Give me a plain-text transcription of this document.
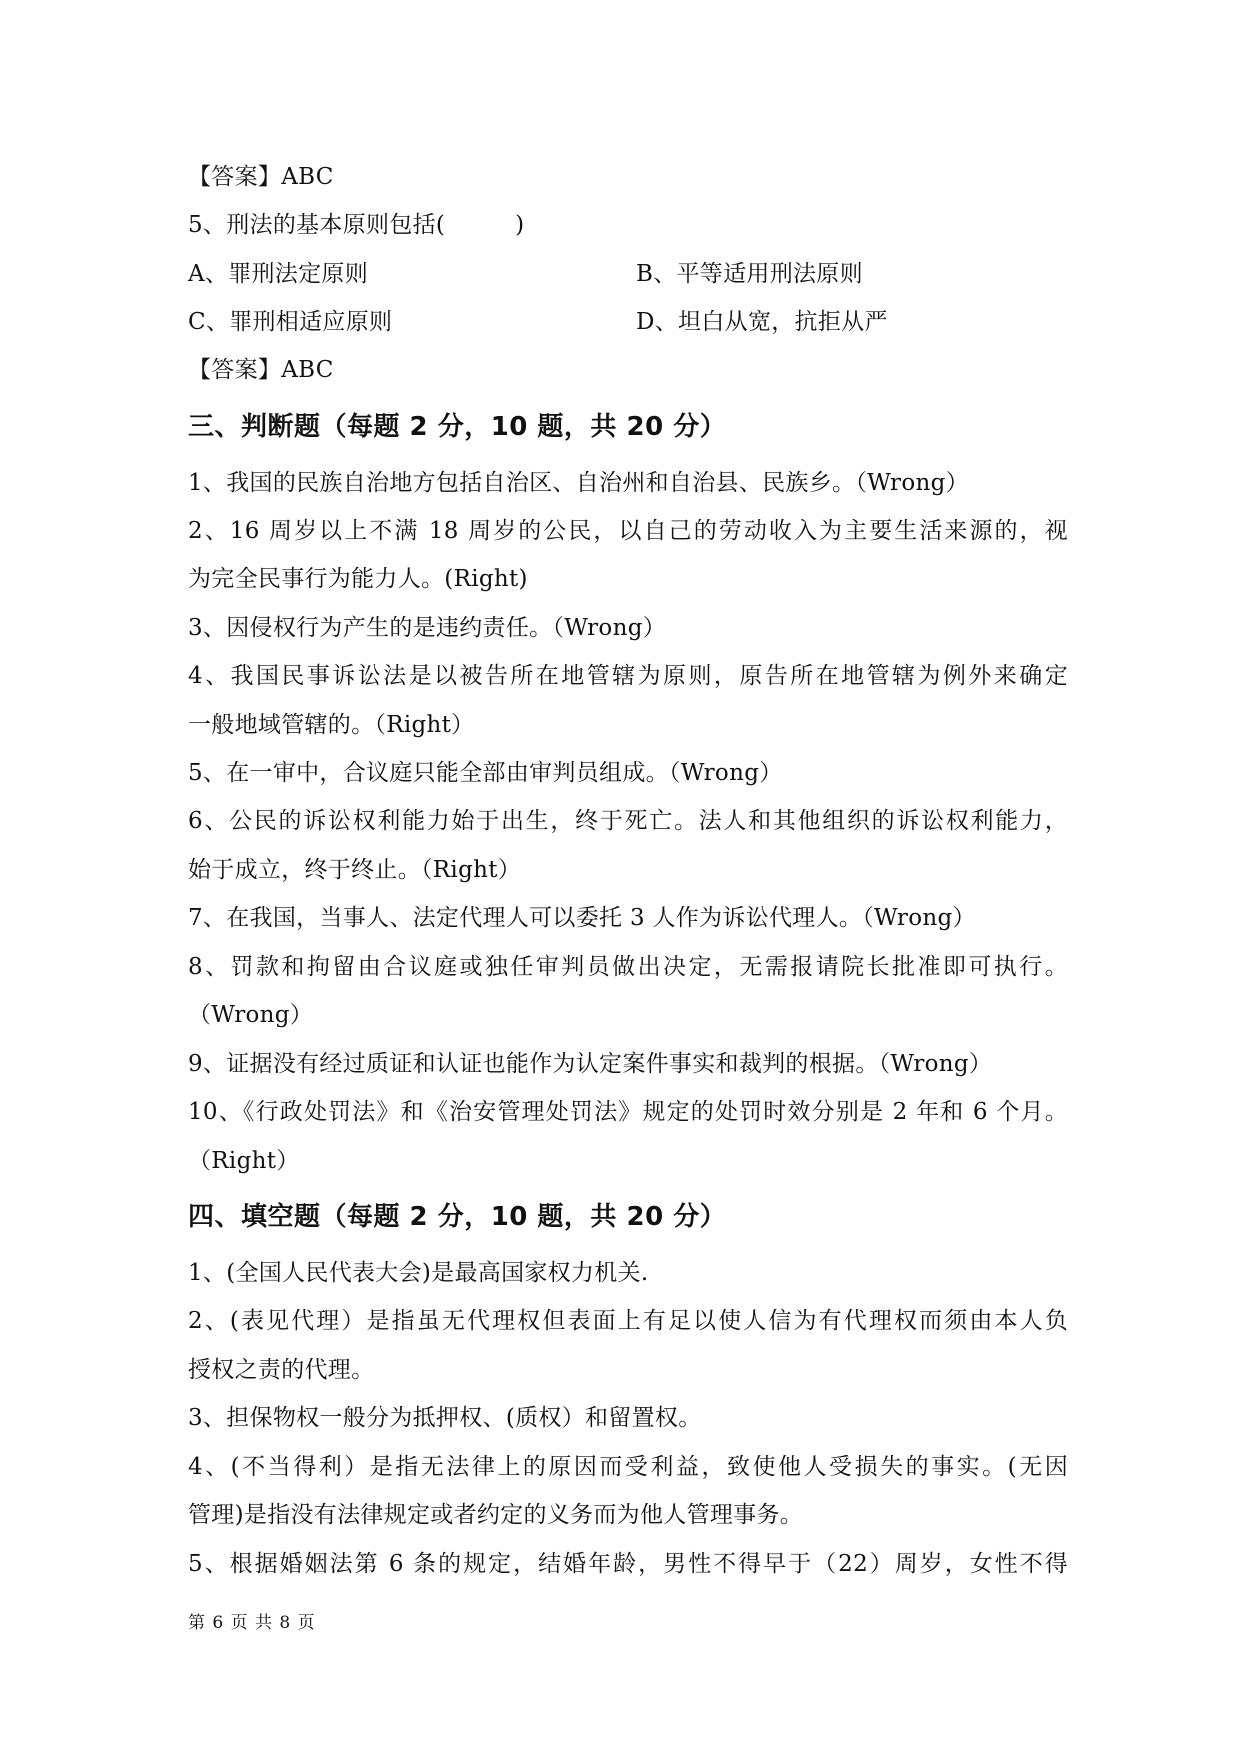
【答案】ABC
5、刑法的基本原则包括(　　　)
A、罪刑法定原则	B、平等适用刑法原则
C、罪刑相适应原则	D、坦白从宽，抗拒从严
【答案】ABC
三、判断题（每题 2 分，10 题，共 20 分）
1、我国的民族自治地方包括自治区、自治州和自治县、民族乡。（Wrong）
2、16 周岁以上不满 18 周岁的公民，以自己的劳动收入为主要生活来源的，视
为完全民事行为能力人。(Right)
3、因侵权行为产生的是违约责任。（Wrong）
4、我国民事诉讼法是以被告所在地管辖为原则，原告所在地管辖为例外来确定
一般地域管辖的。（Right）
5、在一审中，合议庭只能全部由审判员组成。（Wrong）
6、公民的诉讼权利能力始于出生，终于死亡。法人和其他组织的诉讼权利能力，
始于成立，终于终止。（Right）
7、在我国，当事人、法定代理人可以委托 3 人作为诉讼代理人。（Wrong）
8、罚款和拘留由合议庭或独任审判员做出决定，无需报请院长批准即可执行。
（Wrong）
9、证据没有经过质证和认证也能作为认定案件事实和裁判的根据。（Wrong）
10、《行政处罚法》和《治安管理处罚法》规定的处罚时效分别是 2 年和 6 个月。
（Right）
四、填空题（每题 2 分，10 题，共 20 分）
1、(全国人民代表大会)是最高国家权力机关.
2、(表见代理）是指虽无代理权但表面上有足以使人信为有代理权而须由本人负
授权之责的代理。
3、担保物权一般分为抵押权、(质权）和留置权。
4、(不当得利）是指无法律上的原因而受利益，致使他人受损失的事实。(无因
管理)是指没有法律规定或者约定的义务而为他人管理事务。
5、根据婚姻法第 6 条的规定，结婚年龄，男性不得早于（22）周岁，女性不得
第 6 页 共 8 页
